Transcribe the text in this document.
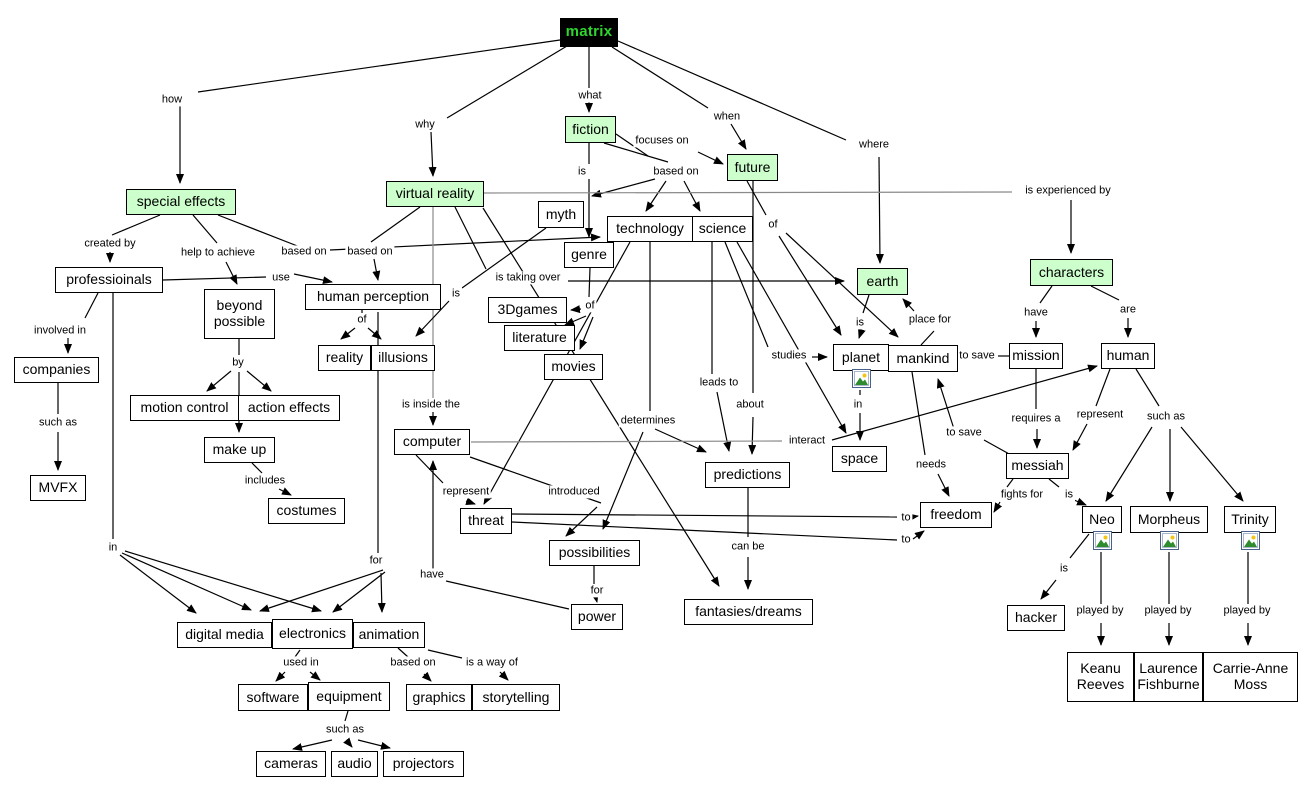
how
why
what
when
where
focuses on
based on
is
created by
help to achieve based on based on
use
involved in
such as
of
is
is taking over
of
by
includes
is inside the
represent	introduced
determines
leads to
about
interact
can be
studies
of
is	place for
in
needs
to save
to save
requires a
fights for is
to
to
is experienced by
have	are
represent such as
is
played by played by	played by
in
for
have
for
used in	based on	is a way of
such as
matrix
fiction
future
virtual reality
special effects
earth
characters
myth
technology science
genre
professioinals
human perception
beyond possible
3Dgames
literature
reality illusions
movies
companies
motion control action effects
make up
MVFX
costumes
computer
threat
possibilities
power
predictions
fantasies/dreams
planet mankind
space
freedom
messiah
mission	human
Neo Morpheus Trinity
hacker
Keanu Reeves
Laurence Fishburne
Carrie-Anne Moss
digital media electronics animation
software equipment graphics storytelling
cameras audio projectors
